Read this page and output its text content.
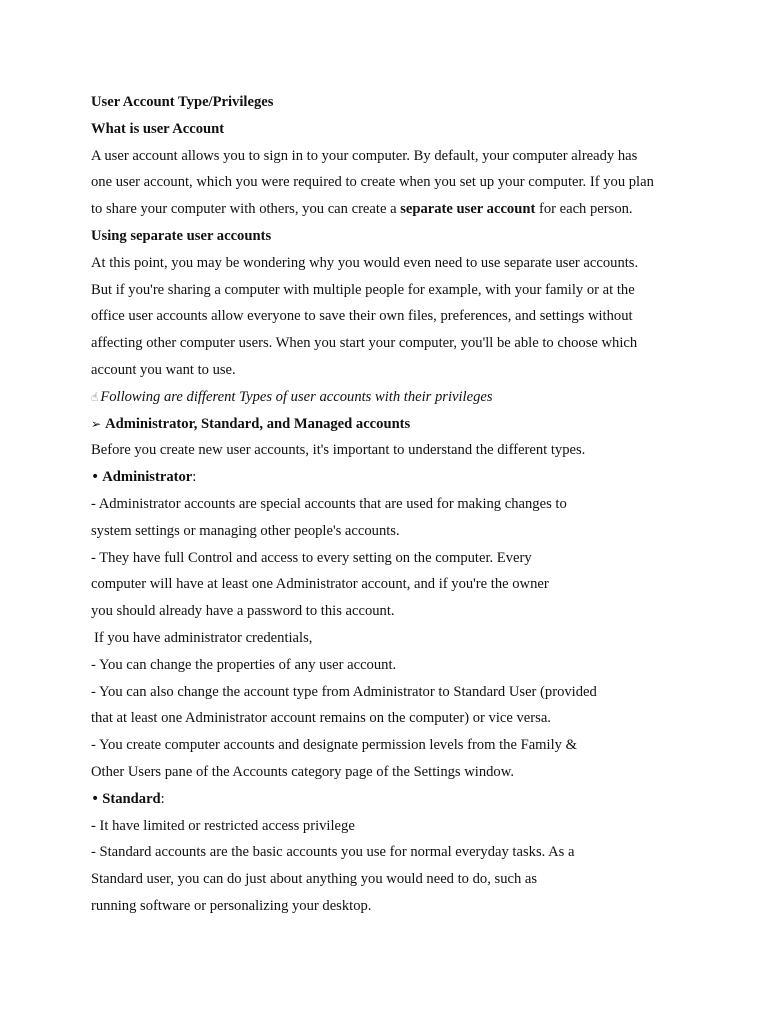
User Account Type/Privileges
What is user Account
A user account allows you to sign in to your computer. By default, your computer already has
one user account, which you were required to create when you set up your computer. If you plan
to share your computer with others, you can create a separate user account for each person.
Using separate user accounts
At this point, you may be wondering why you would even need to use separate user accounts.
But if you're sharing a computer with multiple people for example, with your family or at the
office user accounts allow everyone to save their own files, preferences, and settings without
affecting other computer users. When you start your computer, you'll be able to choose which
account you want to use.
☝ Following are different Types of user accounts with their privileges
➢ Administrator, Standard, and Managed accounts
Before you create new user accounts, it's important to understand the different types.
• Administrator:
- Administrator accounts are special accounts that are used for making changes to
system settings or managing other people's accounts.
- They have full Control and access to every setting on the computer. Every
computer will have at least one Administrator account, and if you're the owner
you should already have a password to this account.
If you have administrator credentials,
- You can change the properties of any user account.
- You can also change the account type from Administrator to Standard User (provided
that at least one Administrator account remains on the computer) or vice versa.
- You create computer accounts and designate permission levels from the Family &
Other Users pane of the Accounts category page of the Settings window.
• Standard:
- It have limited or restricted access privilege
- Standard accounts are the basic accounts you use for normal everyday tasks. As a
Standard user, you can do just about anything you would need to do, such as
running software or personalizing your desktop.
